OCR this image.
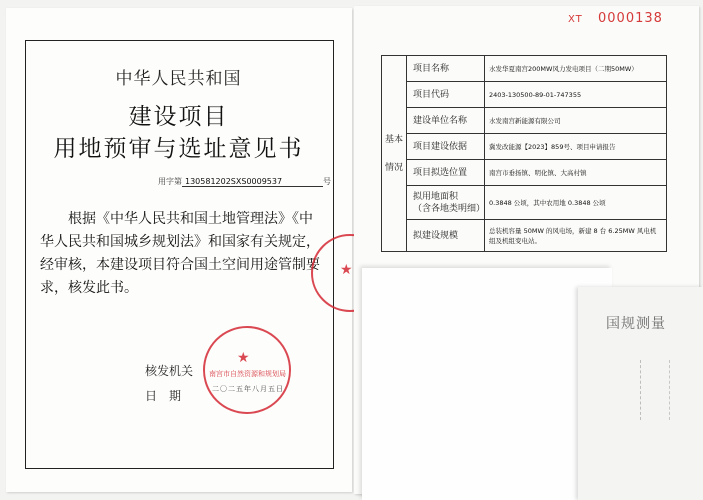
中华人民共和国
建设项目
用地预审与选址意见书
用字第 130581202SXS0009537	号
根据《中华人民共和国土地管理法》《中华人民共和国城乡规划法》和国家有关规定，经审核，本建设项目符合国土空间用途管制要求，核发此书。
核发机关
日期
★
南宫市自然资源和规划局
二〇二五年八月五日
★
XT 0000138
基本情况	项目名称	水发华夏南宫200MW风力发电项目（二期50MW）
	项目代码	2403-130500-89-01-747355
	建设单位名称	水发南宫新能源有限公司
	项目建设依据	冀发改能源【2023】859号、项目申请报告
	项目拟选位置	南宫市垂扬镇、明化镇、大高村镇
	拟用地面积
（含各地类明细）	0.3848 公顷，其中农用地 0.3848 公顷
	拟建设规模	总装机容量 50MW 的风电场，新建 8 台 6.25MW 风电机组及机组变电站。
国规测量
